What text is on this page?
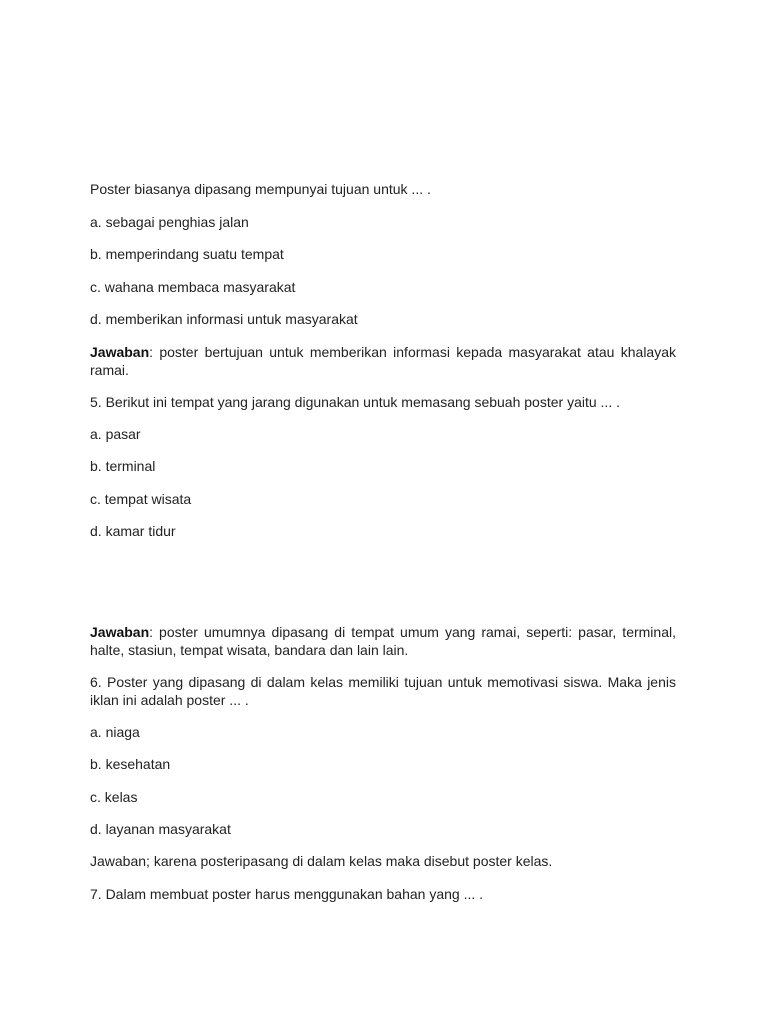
Poster biasanya dipasang mempunyai tujuan untuk ... .

a. sebagai penghias jalan

b. memperindang suatu tempat

c. wahana membaca masyarakat

d. memberikan informasi untuk masyarakat

Jawaban: poster bertujuan untuk memberikan informasi kepada masyarakat atau khalayak ramai.

5. Berikut ini tempat yang jarang digunakan untuk memasang sebuah poster yaitu ... .

a. pasar

b. terminal

c. tempat wisata

d. kamar tidur

Jawaban: poster umumnya dipasang di tempat umum yang ramai, seperti: pasar, terminal, halte, stasiun, tempat wisata, bandara dan lain lain.

6. Poster yang dipasang di dalam kelas memiliki tujuan untuk memotivasi siswa. Maka jenis iklan ini adalah poster ... .

a. niaga

b. kesehatan

c. kelas

d. layanan masyarakat

Jawaban; karena posteripasang di dalam kelas maka disebut poster kelas.

7. Dalam membuat poster harus menggunakan bahan yang ... .
